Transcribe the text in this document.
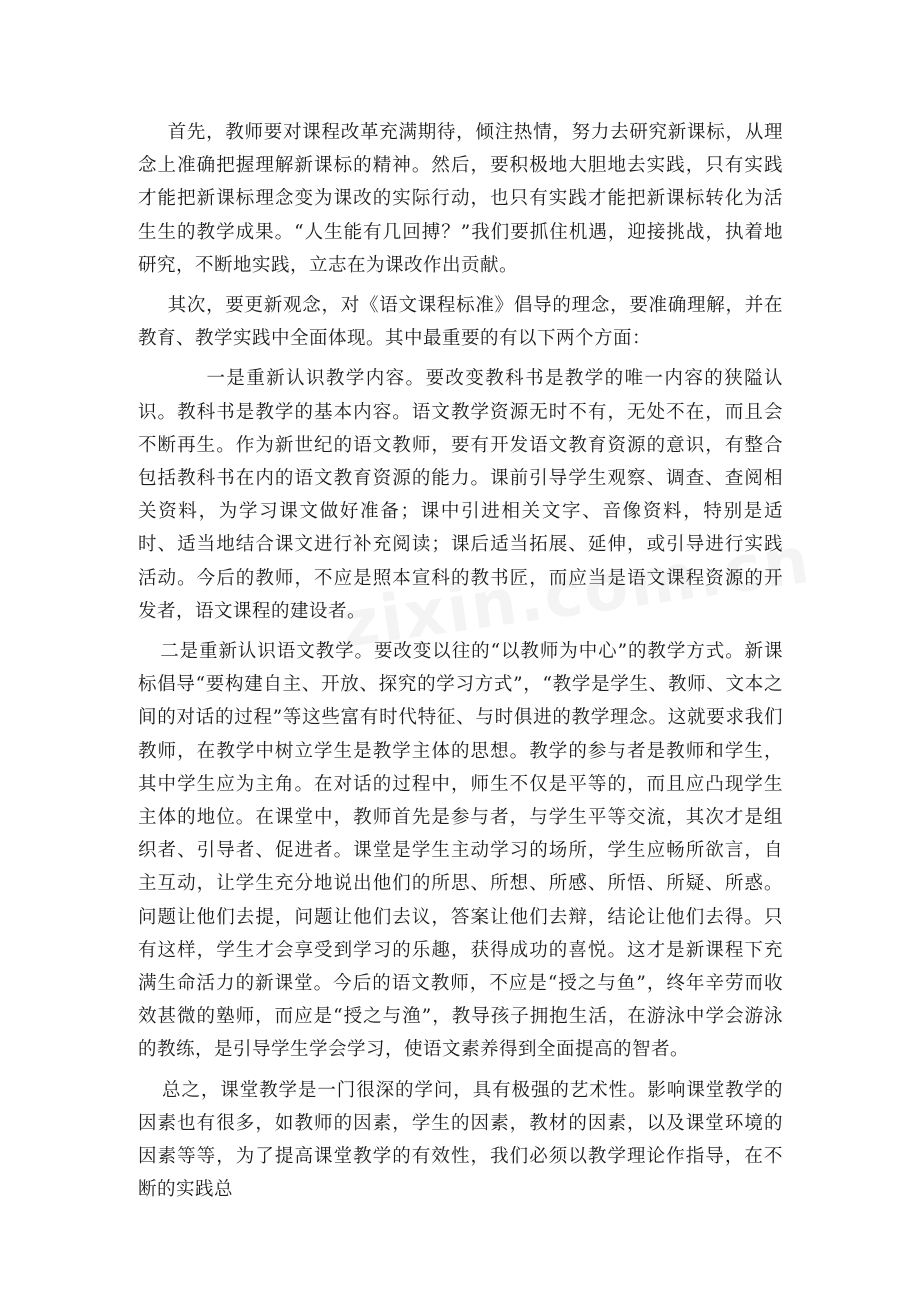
首先，教师要对课程改革充满期待，倾注热情，努力去研究新课标，从理念上准确把握理解新课标的精神。然后，要积极地大胆地去实践，只有实践才能把新课标理念变为课改的实际行动，也只有实践才能把新课标转化为活生生的教学成果。“人生能有几回搏？”我们要抓住机遇，迎接挑战，执着地研究，不断地实践，立志在为课改作出贡献。

其次，要更新观念，对《语文课程标准》倡导的理念，要准确理解，并在教育、教学实践中全面体现。其中最重要的有以下两个方面：

一是重新认识教学内容。要改变教科书是教学的唯一内容的狭隘认识。教科书是教学的基本内容。语文教学资源无时不有，无处不在，而且会不断再生。作为新世纪的语文教师，要有开发语文教育资源的意识，有整合包括教科书在内的语文教育资源的能力。课前引导学生观察、调查、查阅相关资料，为学习课文做好准备；课中引进相关文字、音像资料，特别是适时、适当地结合课文进行补充阅读；课后适当拓展、延伸，或引导进行实践活动。今后的教师，不应是照本宣科的教书匠，而应当是语文课程资源的开发者，语文课程的建设者。

二是重新认识语文教学。要改变以往的“以教师为中心”的教学方式。新课标倡导“要构建自主、开放、探究的学习方式”，“教学是学生、教师、文本之间的对话的过程”等这些富有时代特征、与时俱进的教学理念。这就要求我们教师，在教学中树立学生是教学主体的思想。教学的参与者是教师和学生，其中学生应为主角。在对话的过程中，师生不仅是平等的，而且应凸现学生主体的地位。在课堂中，教师首先是参与者，与学生平等交流，其次才是组织者、引导者、促进者。课堂是学生主动学习的场所，学生应畅所欲言，自主互动，让学生充分地说出他们的所思、所想、所感、所悟、所疑、所惑。问题让他们去提，问题让他们去议，答案让他们去辩，结论让他们去得。只有这样，学生才会享受到学习的乐趣，获得成功的喜悦。这才是新课程下充满生命活力的新课堂。今后的语文教师，不应是“授之与鱼”，终年辛劳而收效甚微的塾师，而应是“授之与渔”，教导孩子拥抱生活，在游泳中学会游泳的教练，是引导学生学会学习，使语文素养得到全面提高的智者。

总之，课堂教学是一门很深的学问，具有极强的艺术性。影响课堂教学的因素也有很多，如教师的因素，学生的因素，教材的因素，以及课堂环境的因素等等，为了提高课堂教学的有效性，我们必须以教学理论作指导，在不断的实践总
